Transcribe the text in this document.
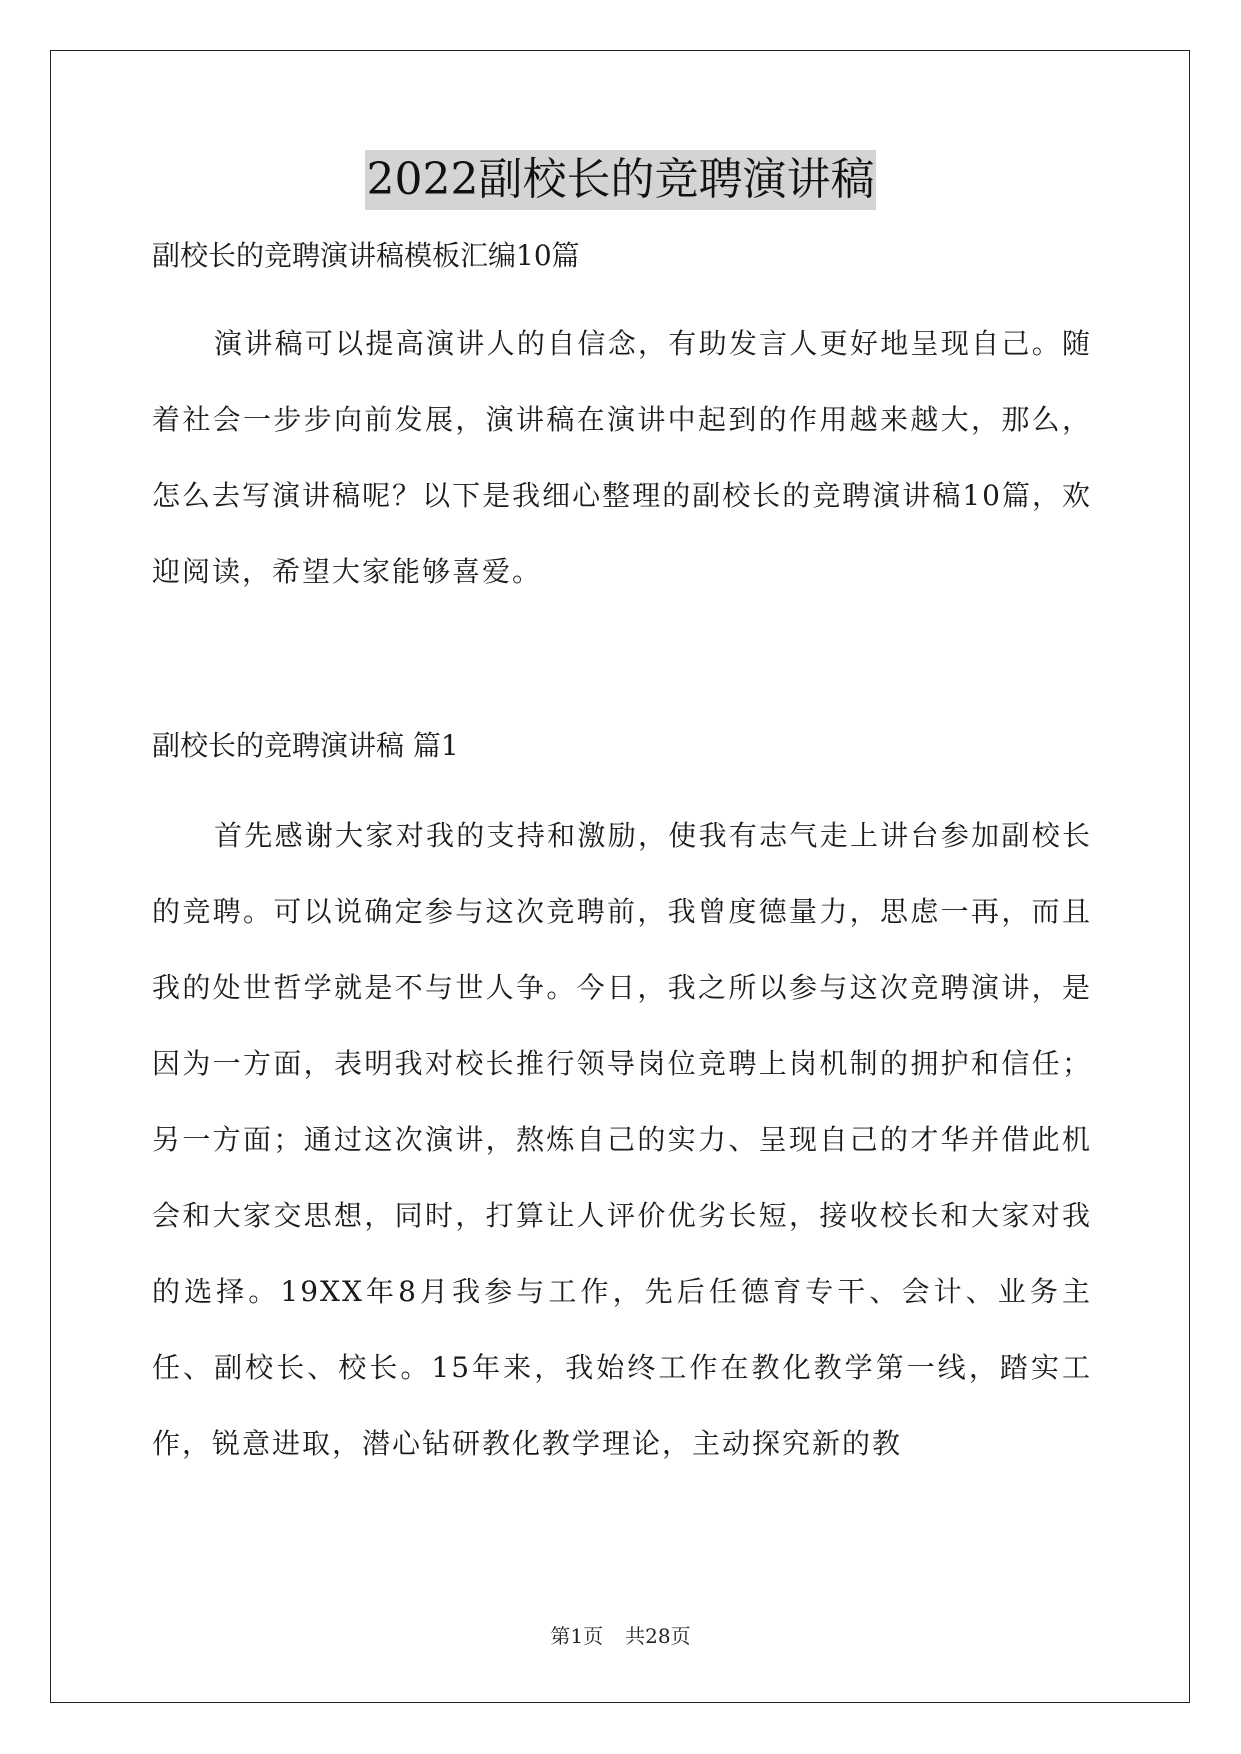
2022副校长的竞聘演讲稿

副校长的竞聘演讲稿模板汇编10篇

演讲稿可以提高演讲人的自信念，有助发言人更好地呈现自己。随着社会一步步向前发展，演讲稿在演讲中起到的作用越来越大，那么，怎么去写演讲稿呢？以下是我细心整理的副校长的竞聘演讲稿10篇，欢迎阅读，希望大家能够喜爱。

副校长的竞聘演讲稿 篇1

首先感谢大家对我的支持和激励，使我有志气走上讲台参加副校长的竞聘。可以说确定参与这次竞聘前，我曾度德量力，思虑一再，而且我的处世哲学就是不与世人争。今日，我之所以参与这次竞聘演讲，是因为一方面，表明我对校长推行领导岗位竞聘上岗机制的拥护和信任；另一方面；通过这次演讲，熬炼自己的实力、呈现自己的才华并借此机会和大家交思想，同时，打算让人评价优劣长短，接收校长和大家对我的选择。19XX年8月我参与工作，先后任德育专干、会计、业务主任、副校长、校长。15年来，我始终工作在教化教学第一线，踏实工作，锐意进取，潜心钻研教化教学理论，主动探究新的教

第1页 共28页
